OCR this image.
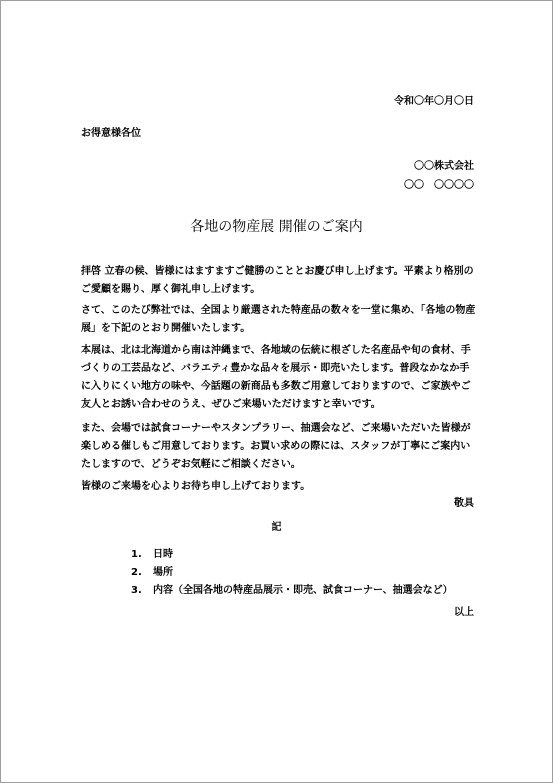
令和〇年〇月〇日
お得意様各位
〇〇株式会社
〇〇　〇〇〇〇
各地の物産展 開催のご案内
拝啓 立春の候、皆様にはますますご健勝のこととお慶び申し上げます。平素より格別のご愛顧を賜り、厚く御礼申し上げます。
さて、このたび弊社では、全国より厳選された特産品の数々を一堂に集め、「各地の物産展」を下記のとおり開催いたします。
本展は、北は北海道から南は沖縄まで、各地域の伝統に根ざした名産品や旬の食材、手づくりの工芸品など、バラエティ豊かな品々を展示・即売いたします。普段なかなか手に入りにくい地方の味や、今話題の新商品も多数ご用意しておりますので、ご家族やご友人とお誘い合わせのうえ、ぜひご来場いただけますと幸いです。
また、会場では試食コーナーやスタンプラリー、抽選会など、ご来場いただいた皆様が楽しめる催しもご用意しております。お買い求めの際には、スタッフが丁寧にご案内いたしますので、どうぞお気軽にご相談ください。
皆様のご来場を心よりお待ち申し上げております。
敬具
記
1. 日時
2. 場所
3. 内容（全国各地の特産品展示・即売、試食コーナー、抽選会など）
以上
